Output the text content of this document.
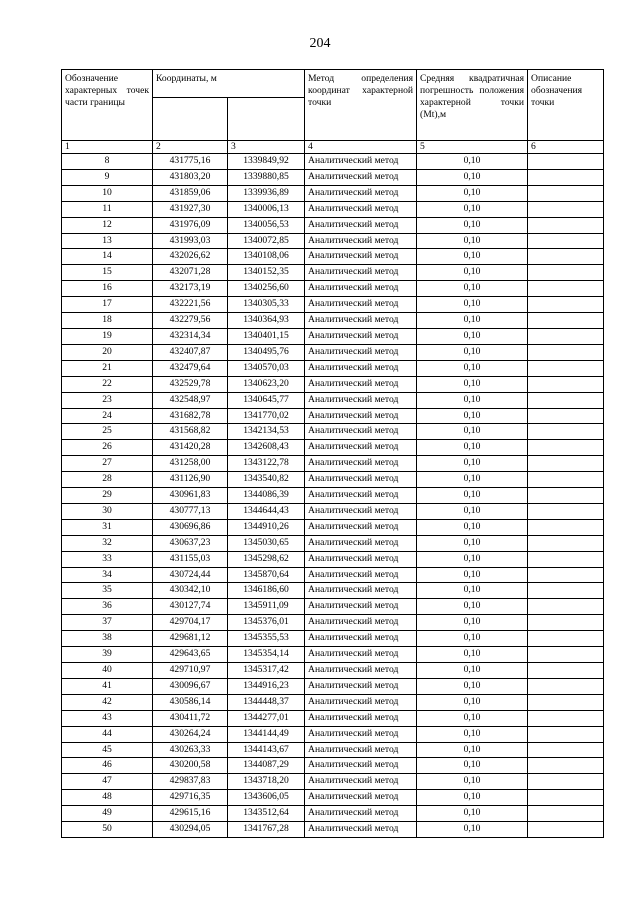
204
Обозначение характерных точек части границы	Координаты, м		Метод определения координат характерной точки	Средняя квадратичная погрешность положения характерной точки (Mt),м	Описание обозначения точки

1	2	3	4	5	6
8	431775,16	1339849,92	Аналитический метод	0,10	
9	431803,20	1339880,85	Аналитический метод	0,10	
10	431859,06	1339936,89	Аналитический метод	0,10	
11	431927,30	1340006,13	Аналитический метод	0,10	
12	431976,09	1340056,53	Аналитический метод	0,10	
13	431993,03	1340072,85	Аналитический метод	0,10	
14	432026,62	1340108,06	Аналитический метод	0,10	
15	432071,28	1340152,35	Аналитический метод	0,10	
16	432173,19	1340256,60	Аналитический метод	0,10	
17	432221,56	1340305,33	Аналитический метод	0,10	
18	432279,56	1340364,93	Аналитический метод	0,10	
19	432314,34	1340401,15	Аналитический метод	0,10	
20	432407,87	1340495,76	Аналитический метод	0,10	
21	432479,64	1340570,03	Аналитический метод	0,10	
22	432529,78	1340623,20	Аналитический метод	0,10	
23	432548,97	1340645,77	Аналитический метод	0,10	
24	431682,78	1341770,02	Аналитический метод	0,10	
25	431568,82	1342134,53	Аналитический метод	0,10	
26	431420,28	1342608,43	Аналитический метод	0,10	
27	431258,00	1343122,78	Аналитический метод	0,10	
28	431126,90	1343540,82	Аналитический метод	0,10	
29	430961,83	1344086,39	Аналитический метод	0,10	
30	430777,13	1344644,43	Аналитический метод	0,10	
31	430696,86	1344910,26	Аналитический метод	0,10	
32	430637,23	1345030,65	Аналитический метод	0,10	
33	431155,03	1345298,62	Аналитический метод	0,10	
34	430724,44	1345870,64	Аналитический метод	0,10	
35	430342,10	1346186,60	Аналитический метод	0,10	
36	430127,74	1345911,09	Аналитический метод	0,10	
37	429704,17	1345376,01	Аналитический метод	0,10	
38	429681,12	1345355,53	Аналитический метод	0,10	
39	429643,65	1345354,14	Аналитический метод	0,10	
40	429710,97	1345317,42	Аналитический метод	0,10	
41	430096,67	1344916,23	Аналитический метод	0,10	
42	430586,14	1344448,37	Аналитический метод	0,10	
43	430411,72	1344277,01	Аналитический метод	0,10	
44	430264,24	1344144,49	Аналитический метод	0,10	
45	430263,33	1344143,67	Аналитический метод	0,10	
46	430200,58	1344087,29	Аналитический метод	0,10	
47	429837,83	1343718,20	Аналитический метод	0,10	
48	429716,35	1343606,05	Аналитический метод	0,10	
49	429615,16	1343512,64	Аналитический метод	0,10	
50	430294,05	1341767,28	Аналитический метод	0,10	
